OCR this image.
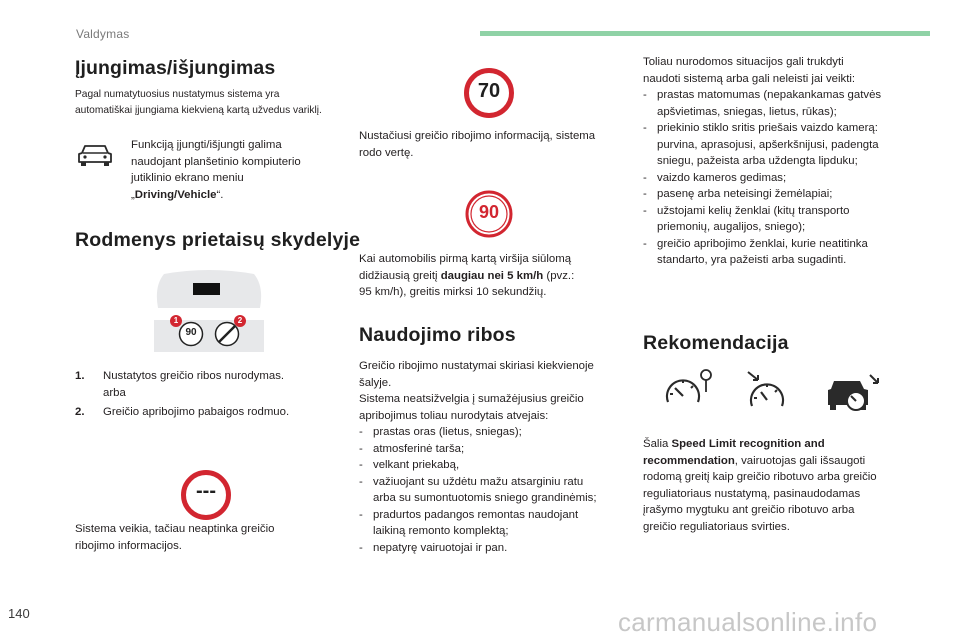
Valdymas
Įjungimas/išjungimas
Pagal numatytuosius nustatymus sistema yra
automatiškai įjungiama kiekvieną kartą užvedus variklį.
Funkciją įjungti/išjungti galima
naudojant planšetinio kompiuterio
jutiklinio ekrano meniu
„Driving/Vehicle“.
Rodmenys prietaisų skydelyje
90
1	2
1.	Nustatytos greičio ribos nurodymas.
arba
2.	Greičio apribojimo pabaigos rodmuo.
---
Sistema veikia, tačiau neaptinka greičio
ribojimo informacijos.
70
Nustačiusi greičio ribojimo informaciją, sistema
rodo vertę.
90
Kai automobilis pirmą kartą viršija siūlomą
didžiausią greitį daugiau nei 5 km/h (pvz.:
95 km/h), greitis mirksi 10 sekundžių.
Naudojimo ribos
Greičio ribojimo nustatymai skiriasi kiekvienoje
šalyje.
Sistema neatsižvelgia į sumažėjusius greičio
apribojimus toliau nurodytais atvejais:
- prastas oras (lietus, sniegas);
- atmosferinė tarša;
- velkant priekabą,
- važiuojant su uždėtu mažu atsarginiu ratu
arba su sumontuotomis sniego grandinėmis;
- pradurtos padangos remontas naudojant
laikiną remonto komplektą;
- nepatyrę vairuotojai ir pan.
Toliau nurodomos situacijos gali trukdyti
naudoti sistemą arba gali neleisti jai veikti:
- prastas matomumas (nepakankamas gatvės
apšvietimas, sniegas, lietus, rūkas);
- priekinio stiklo sritis priešais vaizdo kamerą:
purvina, aprasojusi, apšerkšnijusi, padengta
sniegu, pažeista arba uždengta lipduku;
- vaizdo kameros gedimas;
- pasenę arba neteisingi žemėlapiai;
- užstojami kelių ženklai (kitų transporto
priemonių, augalijos, sniego);
- greičio apribojimo ženklai, kurie neatitinka
standarto, yra pažeisti arba sugadinti.
Rekomendacija
Šalia Speed Limit recognition and
recommendation, vairuotojas gali išsaugoti
rodomą greitį kaip greičio ribotuvo arba greičio
reguliatoriaus nustatymą, pasinaudodamas
įrašymo mygtuku ant greičio ribotuvo arba
greičio reguliatoriaus svirties.
140	carmanualsonline.info
